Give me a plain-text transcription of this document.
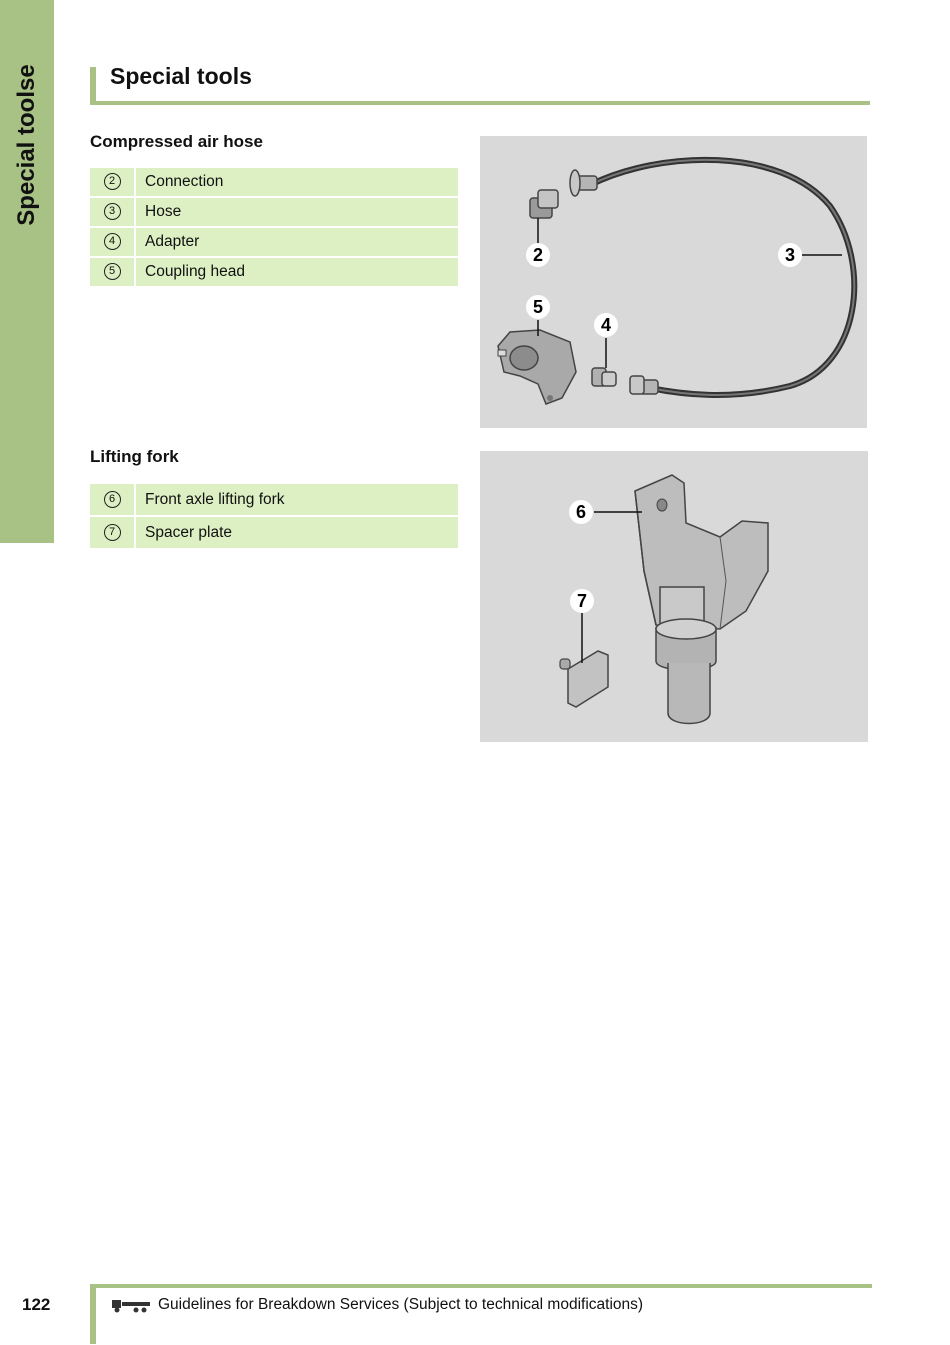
Special toolse	Special tools
Compressed air hose
2	Connection
3	Hose
4	Adapter
5	Coupling head
2	3
5
4
Lifting fork
6	Front axle lifting fork
7	Spacer plate
6
7
122	Guidelines for Breakdown Services (Subject to technical modifications)
